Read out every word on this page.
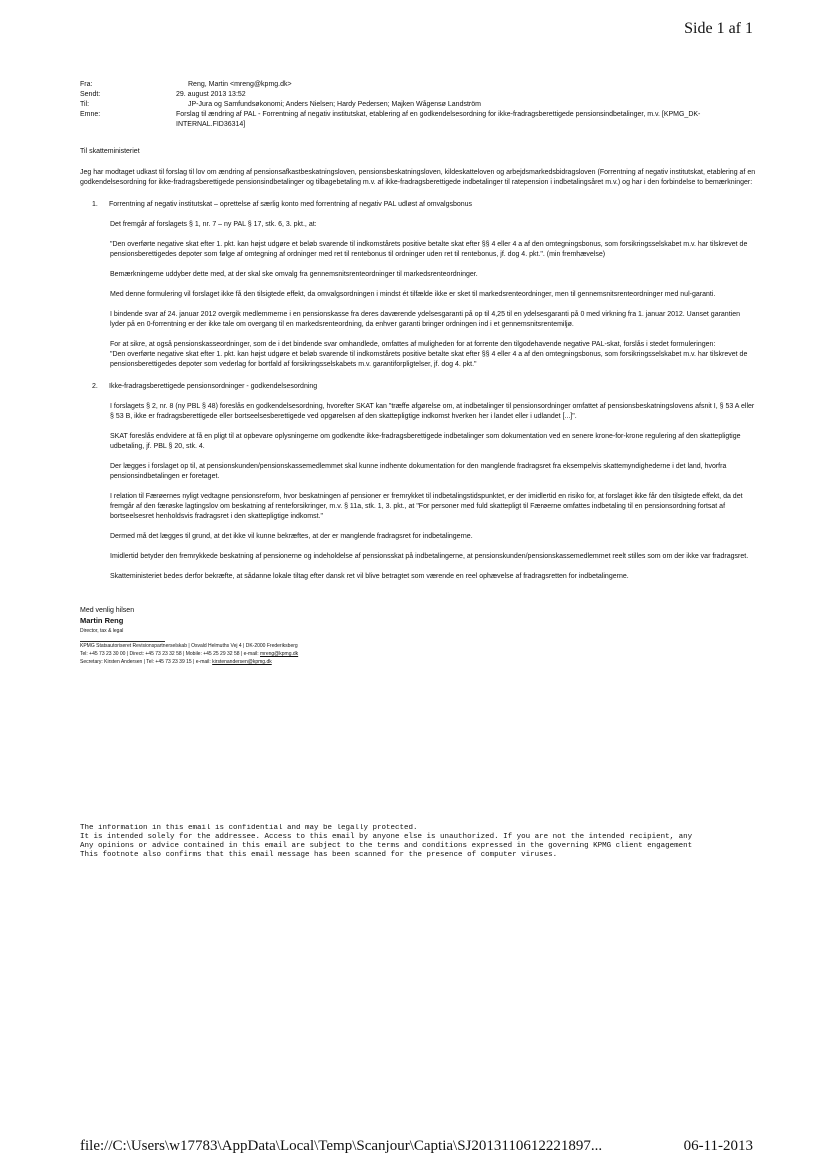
Side 1 af 1
Fra:	Reng, Martin <mreng@kpmg.dk>
Sendt:	29. august 2013 13:52
Til:	JP-Jura og Samfundsøkonomi; Anders Nielsen; Hardy Pedersen; Majken Wågensø Landström
Emne:	Forslag til ændring af PAL - Forrentning af negativ institutskat, etablering af en godkendelsesordning for ikke-fradragsberettigede pensionsindbetalinger, m.v. [KPMG_DK-INTERNAL.FID36314]
Til skatteministeriet
Jeg har modtaget udkast til forslag til lov om ændring af pensionsafkastbeskatningsloven, pensionsbeskatningsloven, kildeskatteloven og arbejdsmarkedsbidragsloven (Forrentning af negativ institutskat, etablering af en godkendelsesordning for ikke-fradragsberettigede pensionsindbetalinger og tilbagebetaling m.v. af ikke-fradragsberettigede indbetalinger til ratepension i indbetalingsåret m.v.) og har i den forbindelse to bemærkninger:
1.	Forrentning af negativ institutskat – oprettelse af særlig konto med forrentning af negativ PAL udløst af omvalgsbonus

Det fremgår af forslagets § 1, nr. 7 – ny PAL § 17, stk. 6, 3. pkt., at:

"Den overførte negative skat efter 1. pkt. kan højst udgøre et beløb svarende til indkomstårets positive betalte skat efter §§ 4 eller 4 a af den omtegningsbonus, som forsikringsselskabet m.v. har tilskrevet de pensionsberettigedes depoter som følge af omtegning af ordninger med ret til rentebonus til ordninger uden ret til rentebonus, jf. dog 4. pkt.". (min fremhævelse)

Bemærkningerne uddyber dette med, at der skal ske omvalg fra gennemsnitsrenteordninger til markedsrenteordninger.

Med denne formulering vil forslaget ikke få den tilsigtede effekt, da omvalgsordningen i mindst ét tilfælde ikke er sket til markedsrenteordninger, men til gennemsnitsrenteordninger med nul-garanti.

I bindende svar af 24. januar 2012 overgik medlemmerne i en pensionskasse fra deres daværende ydelsesgaranti på op til 4,25 til en ydelsesgaranti på 0 med virkning fra 1. januar 2012. Uanset garantien lyder på en 0-forrentning er der ikke tale om overgang til en markedsrenteordning, da enhver garanti bringer ordningen ind i et gennemsnitsrentemiljø.

For at sikre, at også pensionskasseordninger, som de i det bindende svar omhandlede, omfattes af muligheden for at forrente den tilgodehavende negative PAL-skat, forslås i stedet formuleringen:
"Den overførte negative skat efter 1. pkt. kan højst udgøre et beløb svarende til indkomstårets positive betalte skat efter §§ 4 eller 4 a af den omtegningsbonus, som forsikringsselskabet m.v. har tilskrevet de pensionsberettigedes depoter som vederlag for bortfald af forsikringsselskabets m.v. garantiforpligtelser, jf. dog 4. pkt."

2.	Ikke-fradragsberettigede pensionsordninger - godkendelsesordning

I forslagets § 2, nr. 8 (ny PBL § 48) foreslås en godkendelsesordning, hvorefter SKAT kan "træffe afgørelse om, at indbetalinger til pensionsordninger omfattet af pensionsbeskatningslovens afsnit I, § 53 A eller § 53 B, ikke er fradragsberettigede eller bortseelsesberettigede ved opgørelsen af den skattepligtige indkomst hverken her i landet eller i udlandet [...]".

SKAT foreslås endvidere at få en pligt til at opbevare oplysningerne om godkendte ikke-fradragsberettigede indbetalinger som dokumentation ved en senere krone-for-krone regulering af den skattepligtige udbetaling, jf. PBL § 20, stk. 4.

Der lægges i forslaget op til, at pensionskunden/pensionskassemedlemmet skal kunne indhente dokumentation for den manglende fradragsret fra eksempelvis skattemyndighederne i det land, hvorfra pensionsindbetalingen er foretaget.

I relation til Færøernes nyligt vedtagne pensionsreform, hvor beskatningen af pensioner er fremrykket til indbetalingstidspunktet, er der imidlertid en risiko for, at forslaget ikke får den tilsigtede effekt, da det fremgår af den færøske lagtingslov om beskatning af renteforsikringer, m.v. § 11a, stk. 1, 3. pkt., at "For personer med fuld skattepligt til Færøerne omfattes indbetaling til en pensionsordning fortsat af bortseelsesret henholdsvis fradragsret i den skattepligtige indkomst."

Dermed må det lægges til grund, at det ikke vil kunne bekræftes, at der er manglende fradragsret for indbetalingerne.

Imidlertid betyder den fremrykkede beskatning af pensionerne og indeholdelse af pensionsskat på indbetalingerne, at pensionskunden/pensionskassemedlemmet reelt stilles som om der ikke var fradragsret.

Skatteministeriet bedes derfor bekræfte, at sådanne lokale tiltag efter dansk ret vil blive betragtet som værende en reel ophævelse af fradragsretten for indbetalingerne.

Med venlig hilsen
Martin Reng
Director, tax & legal
KPMG Statsautoriseret Revisionspartnerselskab | Osvald Helmuths Vej 4 | DK-2000 Frederiksberg
Tel: +45 73 23 30 00 | Direct: +45 73 23 32 58 | Mobile: +45 25 29 32 58 | e-mail: mreng@kpmg.dk
Secretary: Kirsten Andersen | Tel: +45 73 23 39 15 | e-mail: kirstenandersen@kpmg.dk
The information in this email is confidential and may be legally protected.
It is intended solely for the addressee. Access to this email by anyone else is unauthorized. If you are not the intended recipient, any
Any opinions or advice contained in this email are subject to the terms and conditions expressed in the governing KPMG client engagement
This footnote also confirms that this email message has been scanned for the presence of computer viruses.
file://C:\Users\w17783\AppData\Local\Temp\Scanjour\Captia\SJ2013110612221897...	06-11-2013
